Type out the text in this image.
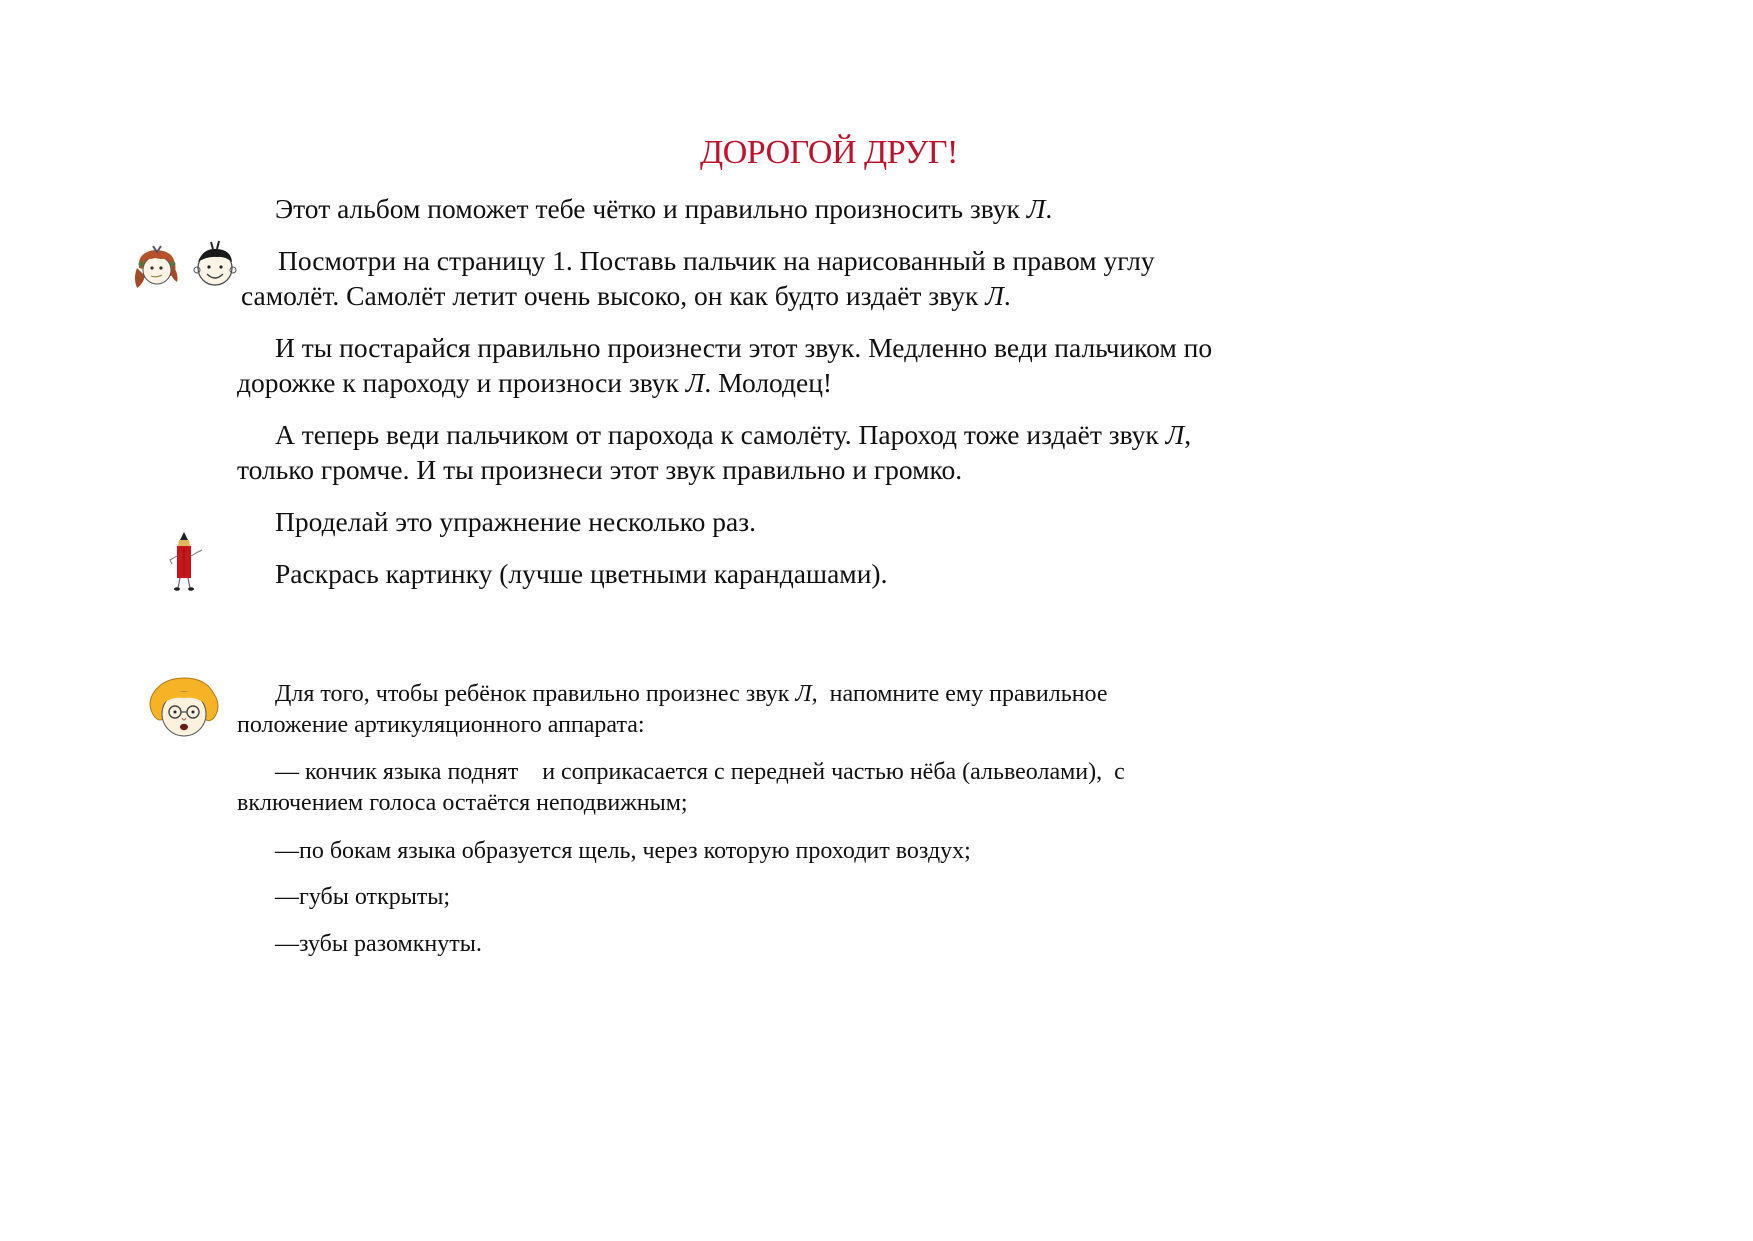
ДОРОГОЙ ДРУГ!
Этот альбом поможет тебе чётко и правильно произносить звук Л.
Посмотри на страницу 1. Поставь пальчик на нарисованный в правом углу
самолёт. Самолёт летит очень высоко, он как будто издаёт звук Л.
И ты постарайся правильно произнести этот звук. Медленно веди пальчиком по
дорожке к пароходу и произноси звук Л. Молодец!
А теперь веди пальчиком от парохода к самолёту. Пароход тоже издаёт звук Л,
только громче. И ты произнеси этот звук правильно и громко.
Проделай это упражнение несколько раз.
Раскрась картинку (лучше цветными карандашами).
Для того, чтобы ребёнок правильно произнес звук Л,  напомните ему правильное
положение артикуляционного аппарата:
— кончик языка поднят    и соприкасается с передней частью нёба (альвеолами),  с
включением голоса остаётся неподвижным;
—по бокам языка образуется щель, через которую проходит воздух;
—губы открыты;
—зубы разомкнуты.
